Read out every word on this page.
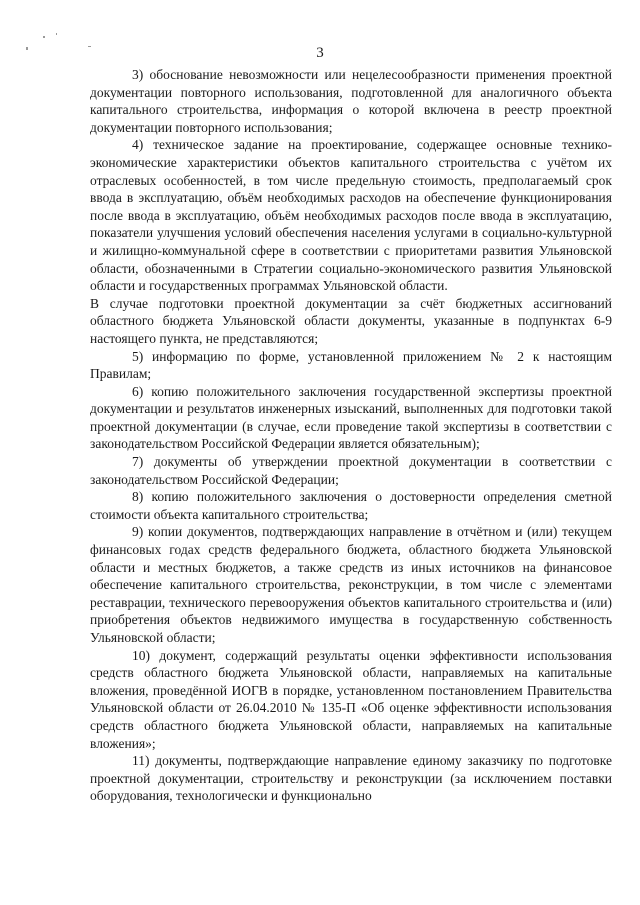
3

3) обоснование невозможности или нецелесообразности применения проектной документации повторного использования, подготовленной для аналогичного объекта капитального строительства, информация о которой включена в реестр проектной документации повторного использования;

4) техническое задание на проектирование, содержащее основные технико-экономические характеристики объектов капитального строительства с учётом их отраслевых особенностей, в том числе предельную стоимость, предполагаемый срок ввода в эксплуатацию, объём необходимых расходов на обеспечение функционирования после ввода в эксплуатацию, объём необходимых расходов после ввода в эксплуатацию, показатели улучшения условий обеспечения населения услугами в социально-культурной и жилищно-коммунальной сфере в соответствии с приоритетами развития Ульяновской области, обозначенными в Стратегии социально-экономического развития Ульяновской области и государственных программах Ульяновской области.

В случае подготовки проектной документации за счёт бюджетных ассигнований областного бюджета Ульяновской области документы, указанные в подпунктах 6-9 настоящего пункта, не представляются;

5) информацию по форме, установленной приложением № 2 к настоящим Правилам;

6) копию положительного заключения государственной экспертизы проектной документации и результатов инженерных изысканий, выполненных для подготовки такой проектной документации (в случае, если проведение такой экспертизы в соответствии с законодательством Российской Федерации является обязательным);

7) документы об утверждении проектной документации в соответствии с законодательством Российской Федерации;

8) копию положительного заключения о достоверности определения сметной стоимости объекта капитального строительства;

9) копии документов, подтверждающих направление в отчётном и (или) текущем финансовых годах средств федерального бюджета, областного бюджета Ульяновской области и местных бюджетов, а также средств из иных источников на финансовое обеспечение капитального строительства, реконструкции, в том числе с элементами реставрации, технического перевооружения объектов капитального строительства и (или) приобретения объектов недвижимого имущества в государственную собственность Ульяновской области;

10) документ, содержащий результаты оценки эффективности использования средств областного бюджета Ульяновской области, направляемых на капитальные вложения, проведённой ИОГВ в порядке, установленном постановлением Правительства Ульяновской области от 26.04.2010 № 135-П «Об оценке эффективности использования средств областного бюджета Ульяновской области, направляемых на капитальные вложения»;

11) документы, подтверждающие направление единому заказчику по подготовке проектной документации, строительству и реконструкции (за исключением поставки оборудования, технологически и функционально
